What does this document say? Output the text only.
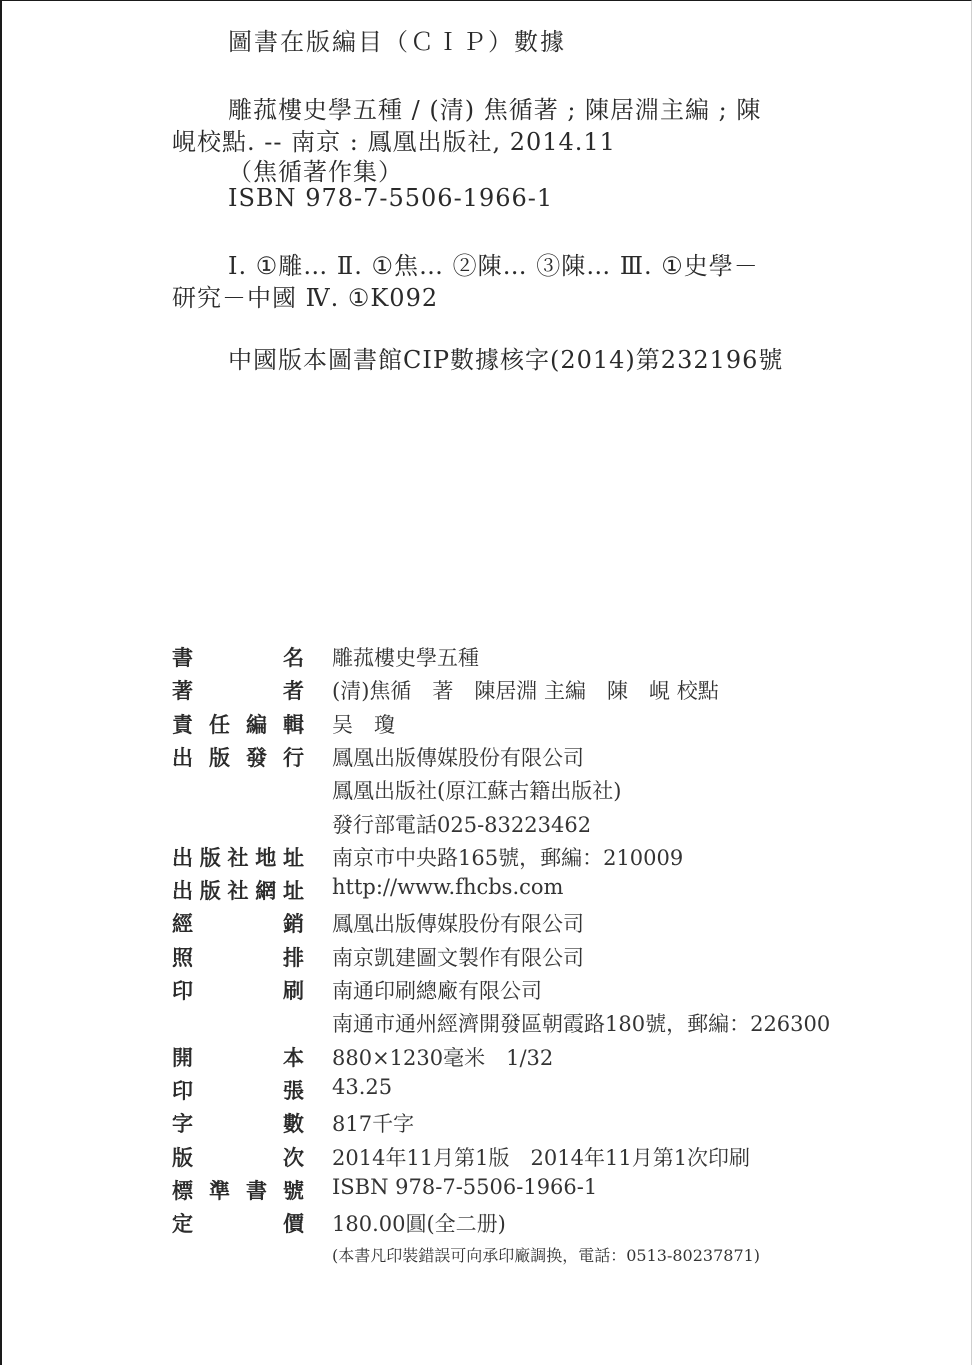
圖書在版編目（ＣＩＰ）數據
雕菰樓史學五種 / (清) 焦循著 ; 陳居淵主編 ; 陳
峴校點. -- 南京 : 鳳凰出版社, 2014.11
（焦循著作集）
ISBN 978-7-5506-1966-1
Ⅰ. ①雕… Ⅱ. ①焦… ②陳… ③陳… Ⅲ. ①史學－
研究－中國 Ⅳ. ①K092
中國版本圖書館CIP數據核字(2014)第232196號
書	名 雕菰樓史學五種
著	者 (清)焦循　著　陳居淵 主編　陳　峴 校點
責 任 編 輯 吴　瓊
出 版 發 行 鳳凰出版傳媒股份有限公司
鳳凰出版社(原江蘇古籍出版社)
發行部電話025-83223462
出 版 社 地 址 南京市中央路165號，郵編：210009
出 版 社 網 址 http://www.fhcbs.com
經	銷 鳳凰出版傳媒股份有限公司
照	排 南京凱建圖文製作有限公司
印	刷 南通印刷總廠有限公司
南通市通州經濟開發區朝霞路180號，郵編：226300
開	本 880×1230毫米　1/32
印	張 43.25
字	數 817千字
版	次 2014年11月第1版　2014年11月第1次印刷
標 準 書 號 ISBN 978-7-5506-1966-1
定	價 180.00圓(全二册)
(本書凡印裝錯誤可向承印廠調换，電話：0513-80237871)
